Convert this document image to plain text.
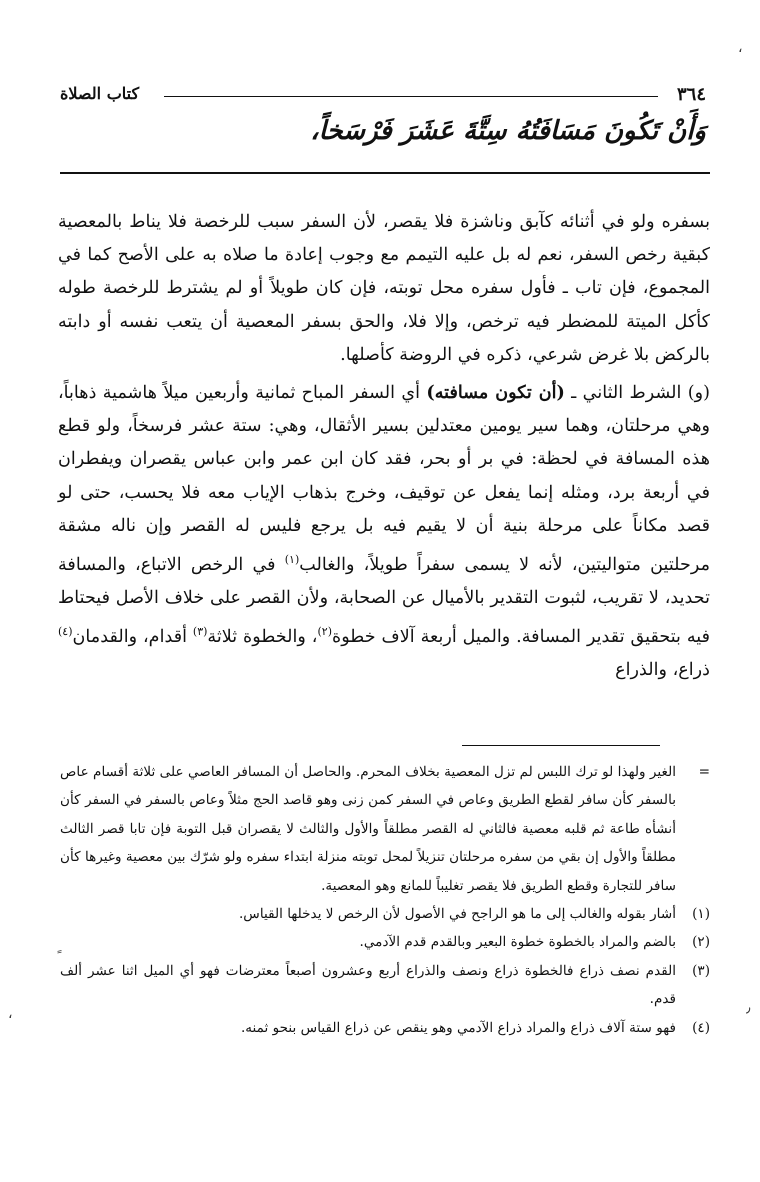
٣٦٤
كتاب الصلاة
وَأَنْ تَكُونَ مَسَافَتُهُ سِتَّةَ عَشَرَ فَرْسَخاً،

بسفره ولو في أثنائه كآبق وناشزة فلا يقصر، لأن السفر سبب للرخصة فلا يناط بالمعصية كبقية رخص السفر، نعم له بل عليه التيمم مع وجوب إعادة ما صلاه به على الأصح كما في المجموع، فإن تاب ـ فأول سفره محل توبته، فإن كان طويلاً أو لم يشترط للرخصة طوله كأكل الميتة للمضطر فيه ترخص، وإلا فلا، والحق بسفر المعصية أن يتعب نفسه أو دابته بالركض بلا غرض شرعي، ذكره في الروضة كأصلها.

(و) الشرط الثاني ـ (أن تكون مسافته) أي السفر المباح ثمانية وأربعين ميلاً هاشمية ذهاباً، وهي مرحلتان، وهما سير يومين معتدلين بسير الأثقال، وهي: ستة عشر فرسخاً، ولو قطع هذه المسافة في لحظة: في بر أو بحر، فقد كان ابن عمر وابن عباس يقصران ويفطران في أربعة برد، ومثله إنما يفعل عن توقيف، وخرج بذهاب الإياب معه فلا يحسب، حتى لو قصد مكاناً على مرحلة بنية أن لا يقيم فيه بل يرجع فليس له القصر وإن ناله مشقة مرحلتين متواليتين، لأنه لا يسمى سفراً طويلاً، والغالب$^{(١)}$ في الرخص الاتباع، والمسافة تحديد، لا تقريب، لثبوت التقدير بالأميال عن الصحابة، ولأن القصر على خلاف الأصل فيحتاط فيه بتحقيق تقدير المسافة. والميل أربعة آلاف خطوة$^{(٢)}$، والخطوة ثلاثة$^{(٣)}$ أقدام، والقدمان$^{(٤)}$ ذراع، والذراع

=
الغير ولهذا لو ترك اللبس لم تزل المعصية بخلاف المحرم. والحاصل أن المسافر العاصي على ثلاثة أقسام عاص بالسفر كأن سافر لقطع الطريق وعاص في السفر كمن زنى وهو قاصد الحج مثلاً وعاص بالسفر في السفر كأن أنشأه طاعة ثم قلبه معصية فالثاني له القصر مطلقاً والأول والثالث لا يقصران قبل التوبة فإن تابا قصر الثالث مطلقاً والأول إن بقي من سفره مرحلتان تنزيلاً لمحل توبته منزلة ابتداء سفره ولو شرّك بين معصية وغيرها كأن سافر للتجارة وقطع الطريق فلا يقصر تغليباً للمانع وهو المعصية.
(١)
أشار بقوله والغالب إلى ما هو الراجح في الأصول لأن الرخص لا يدخلها القياس.
(٢)
بالضم والمراد بالخطوة خطوة البعير وبالقدم قدم الآدمي.
(٣)
القدم نصف ذراع فالخطوة ذراع ونصف والذراع أربع وعشرون أصبعاً معترضات فهو أي الميل اثنا عشر ألف قدم.
(٤)
فهو ستة آلاف ذراع والمراد ذراع الآدمي وهو ينقص عن ذراع القياس بنحو ثمنه.
،
٫
،
